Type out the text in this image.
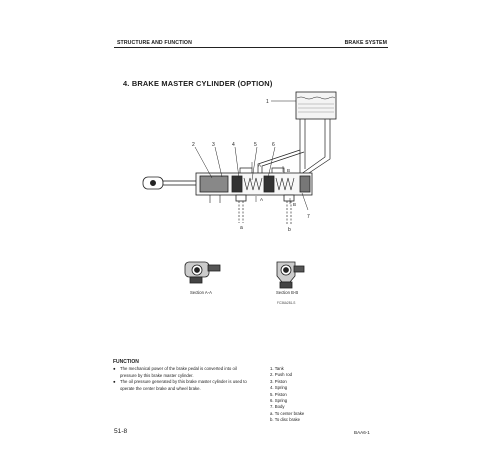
STRUCTURE AND FUNCTION	BRAKE SYSTEM
4. BRAKE MASTER CYLINDER (OPTION)
1
A
A
B
B
2	3	4	5	6
7
a	b
Section A-A	Section B-B
FC36A281-S
FUNCTION
●	The mechanical power of the brake pedal is converted into oil pressure by this brake master cylinder.
●	The oil pressure generated by this brake master cylinder is used to operate the center brake and wheel brake.
1. Tank
2. Push rod
3. Piston
4. Spring
5. Piston
6. Spring
7. Body
a. To center brake
b. To disc brake
51-8	BAA6-1
